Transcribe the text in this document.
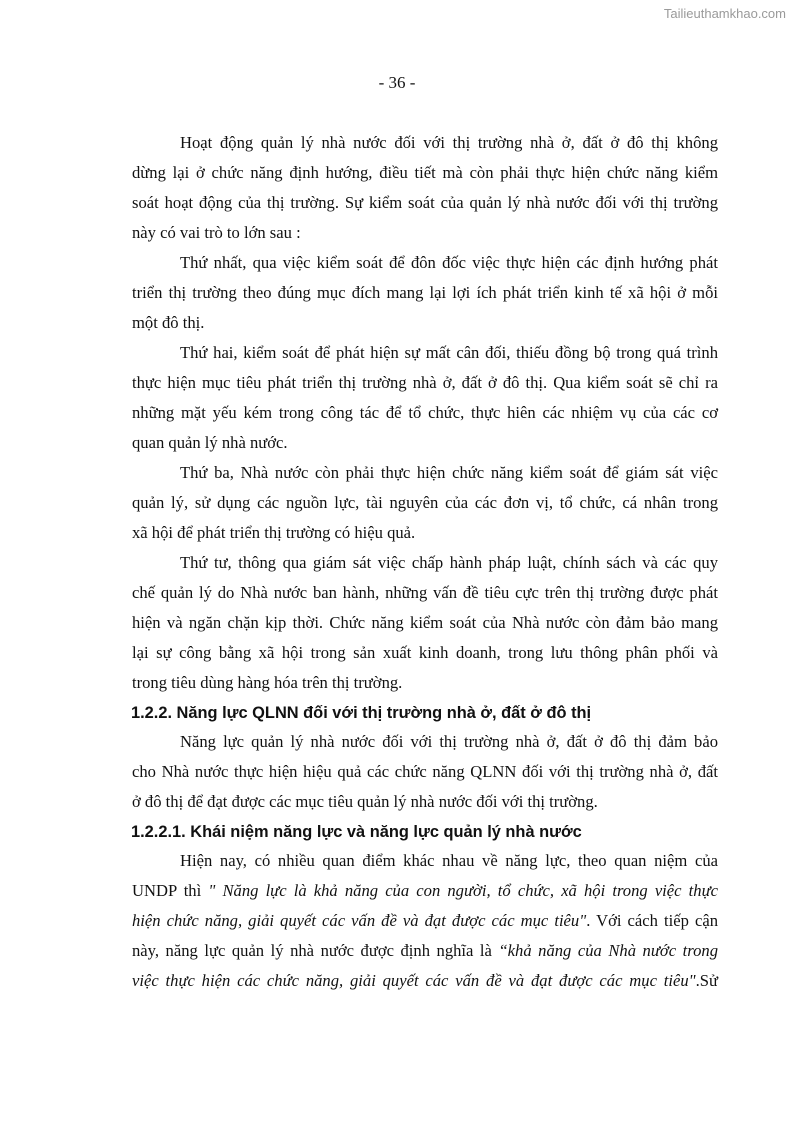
Tailieuthamkhao.com
- 36 -
Hoạt động quản lý nhà nước đối với thị trường nhà ở, đất ở đô thị không
dừng lại ở chức năng định hướng, điều tiết mà còn phải thực hiện chức năng kiểm
soát hoạt động của thị trường. Sự kiểm soát của quản lý nhà nước đối với thị trường
này có vai trò to lớn sau :
Thứ nhất, qua việc kiểm soát để đôn đốc việc thực hiện các định hướng phát
triển thị trường theo đúng mục đích mang lại lợi ích phát triển kinh tế xã hội ở mỗi
một đô thị.
Thứ hai, kiểm soát để phát hiện sự mất cân đối, thiếu đồng bộ trong quá trình
thực hiện mục tiêu phát triển thị trường nhà ở, đất ở đô thị. Qua kiểm soát sẽ chỉ ra
những mặt yếu kém trong công tác để tổ chức, thực hiên các nhiệm vụ của các cơ
quan quản lý nhà nước.
Thứ ba, Nhà nước còn phải thực hiện chức năng kiểm soát để giám sát việc
quản lý, sử dụng các nguồn lực, tài nguyên của các đơn vị, tổ chức, cá nhân trong
xã hội để phát triển thị trường có hiệu quả.
Thứ tư, thông qua giám sát việc chấp hành pháp luật, chính sách và các quy
chế quản lý do Nhà nước ban hành, những vấn đề tiêu cực trên thị trường được phát
hiện và ngăn chặn kịp thời. Chức năng kiểm soát của Nhà nước còn đảm bảo mang
lại sự công bằng xã hội trong sản xuất kinh doanh, trong lưu thông phân phối và
trong tiêu dùng hàng hóa trên thị trường.
1.2.2. Năng lực QLNN đối với thị trường nhà ở, đất ở đô thị
Năng lực quản lý nhà nước đối với thị trường nhà ở, đất ở đô thị đảm bảo
cho Nhà nước thực hiện hiệu quả các chức năng QLNN đối với thị trường nhà ở, đất
ở đô thị để đạt được các mục tiêu quản lý nhà nước đối với thị trường.
1.2.2.1. Khái niệm năng lực và năng lực quản lý nhà nước
Hiện nay, có nhiều quan điểm khác nhau về năng lực, theo quan niệm của
UNDP thì " Năng lực là khả năng của con người, tổ chức, xã hội trong việc thực
hiện chức năng, giải quyết các vấn đề và đạt được các mục tiêu". Với cách tiếp cận
này, năng lực quản lý nhà nước được định nghĩa là “khả năng của Nhà nước trong
việc thực hiện các chức năng, giải quyết các vấn đề và đạt được các mục tiêu".Sử
